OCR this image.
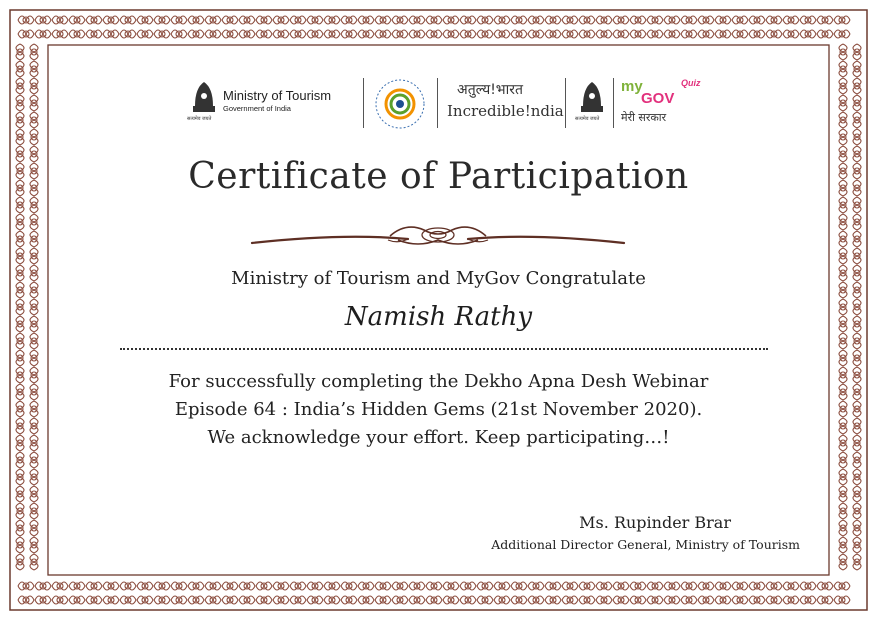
सत्यमेव जयते
Ministry of Tourism
Government of India
अतुल्य!भारत
Incredible!ndia सत्यमेव जयते
my
GOV
Quiz
मेरी सरकार
Certificate of Participation
Ministry of Tourism and MyGov Congratulate
Namish Rathy
For successfully completing the Dekho Apna Desh Webinar
Episode 64 : India’s Hidden Gems (21st November 2020).
We acknowledge your effort. Keep participating…!
Ms. Rupinder Brar
Additional Director General, Ministry of Tourism
